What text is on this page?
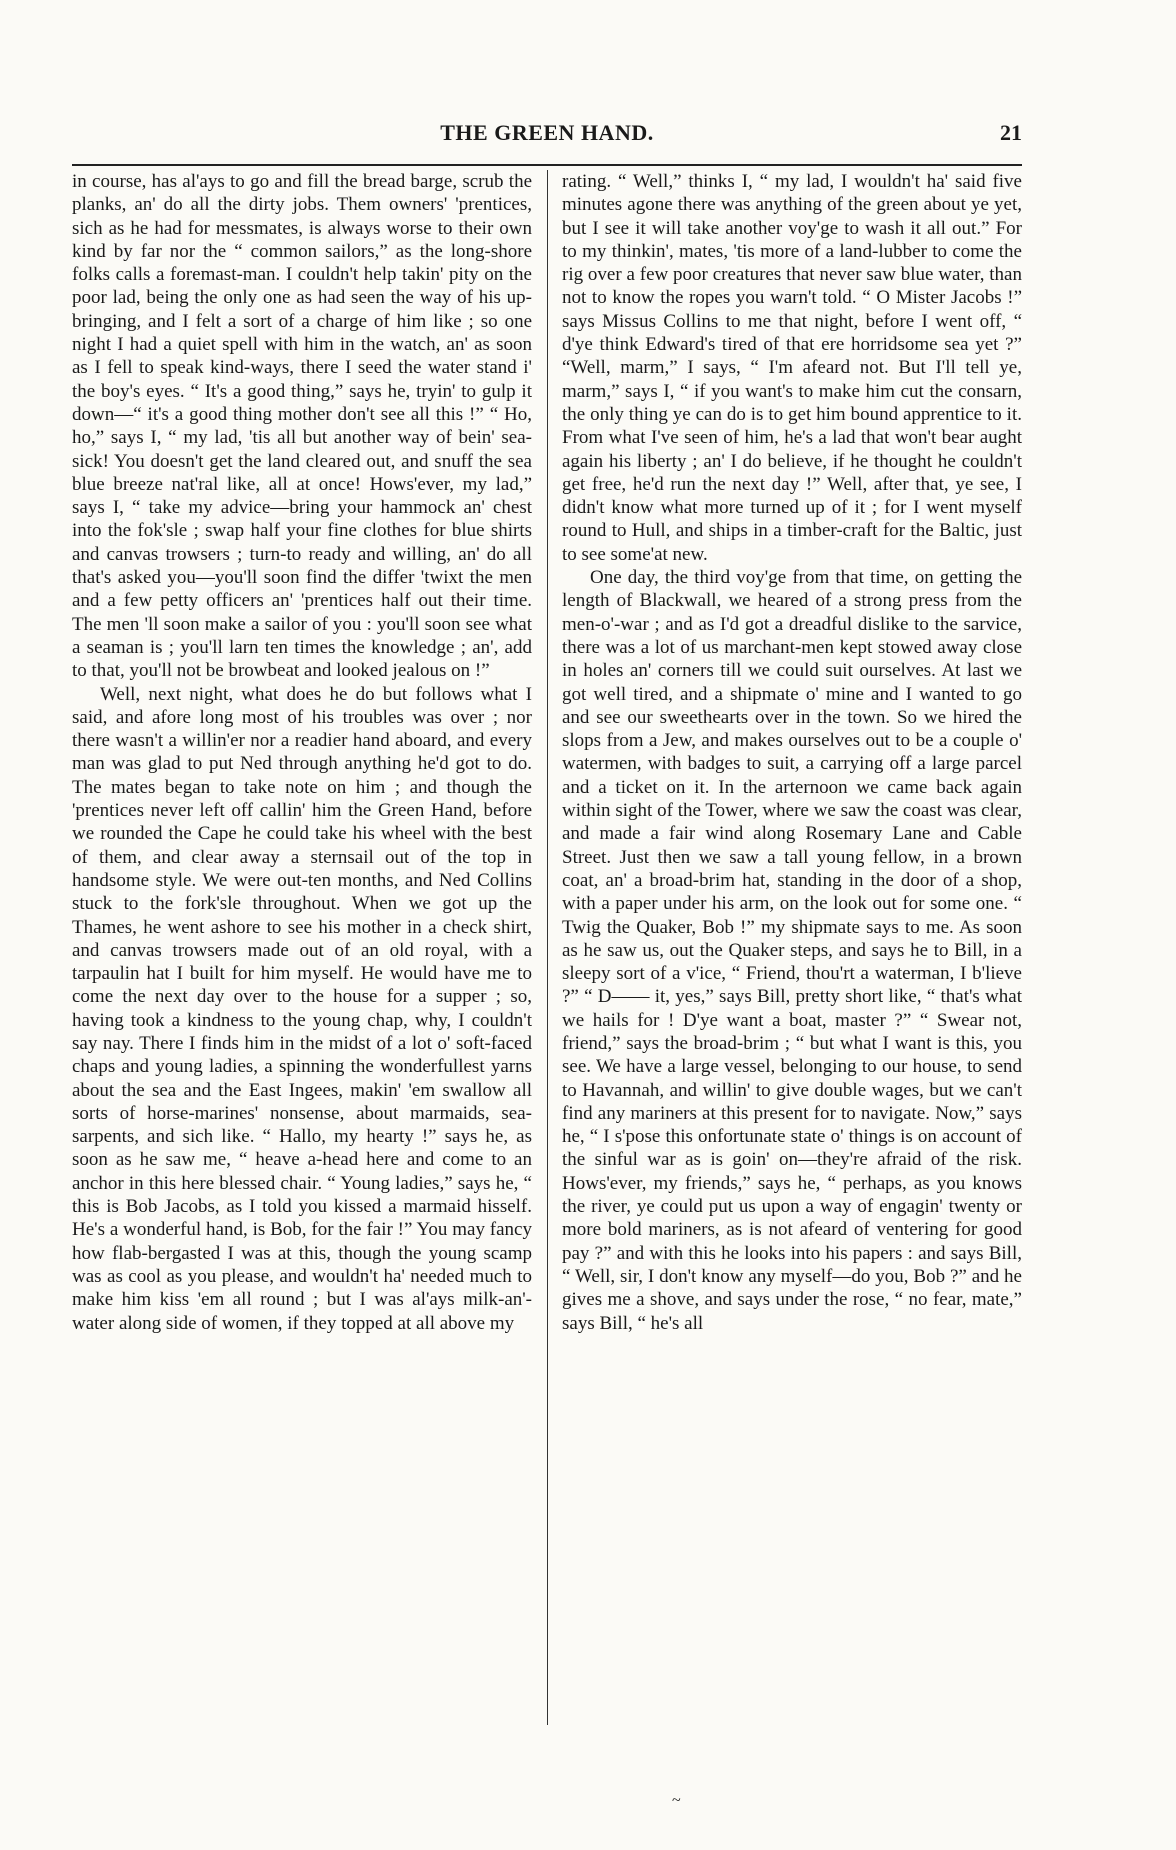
THE GREEN HAND.	21

in course, has al'ays to go and fill the bread barge, scrub the planks, an' do all the dirty jobs. Them owners' 'prentices, sich as he had for messmates, is always worse to their own kind by far nor the “ common sailors,” as the long-shore folks calls a foremast-man. I couldn't help takin' pity on the poor lad, being the only one as had seen the way of his up-bringing, and I felt a sort of a charge of him like ; so one night I had a quiet spell with him in the watch, an' as soon as I fell to speak kind-ways, there I seed the water stand i' the boy's eyes. “ It's a good thing,” says he, tryin' to gulp it down—“ it's a good thing mother don't see all this !” “ Ho, ho,” says I, “ my lad, 'tis all but another way of bein' sea-sick! You doesn't get the land cleared out, and snuff the sea blue breeze nat'ral like, all at once! Hows'ever, my lad,” says I, “ take my advice—bring your hammock an' chest into the fok'sle ; swap half your fine clothes for blue shirts and canvas trowsers ; turn-to ready and willing, an' do all that's asked you—you'll soon find the differ 'twixt the men and a few petty officers an' 'prentices half out their time. The men 'll soon make a sailor of you : you'll soon see what a seaman is ; you'll larn ten times the knowledge ; an', add to that, you'll not be browbeat and looked jealous on !”

Well, next night, what does he do but follows what I said, and afore long most of his troubles was over ; nor there wasn't a willin'er nor a readier hand aboard, and every man was glad to put Ned through anything he'd got to do. The mates began to take note on him ; and though the 'prentices never left off callin' him the Green Hand, before we rounded the Cape he could take his wheel with the best of them, and clear away a sternsail out of the top in handsome style. We were out-ten months, and Ned Collins stuck to the fork'sle throughout. When we got up the Thames, he went ashore to see his mother in a check shirt, and canvas trowsers made out of an old royal, with a tarpaulin hat I built for him myself. He would have me to come the next day over to the house for a supper ; so, having took a kindness to the young chap, why, I couldn't say nay. There I finds him in the midst of a lot o' soft-faced chaps and young ladies, a spinning the wonderfullest yarns about the sea and the East Ingees, makin' 'em swallow all sorts of horse-marines' nonsense, about marmaids, sea-sarpents, and sich like. “ Hallo, my hearty !” says he, as soon as he saw me, “ heave a-head here and come to an anchor in this here blessed chair. “ Young ladies,” says he, “ this is Bob Jacobs, as I told you kissed a marmaid hisself. He's a wonderful hand, is Bob, for the fair !” You may fancy how flab-bergasted I was at this, though the young scamp was as cool as you please, and wouldn't ha' needed much to make him kiss 'em all round ; but I was al'ays milk-an'-water along side of women, if they topped at all above my

rating. “ Well,” thinks I, “ my lad, I wouldn't ha' said five minutes agone there was anything of the green about ye yet, but I see it will take another voy'ge to wash it all out.” For to my thinkin', mates, 'tis more of a land-lubber to come the rig over a few poor creatures that never saw blue water, than not to know the ropes you warn't told. “ O Mister Jacobs !” says Missus Collins to me that night, before I went off, “ d'ye think Edward's tired of that ere horridsome sea yet ?” “Well, marm,” I says, “ I'm afeard not. But I'll tell ye, marm,” says I, “ if you want's to make him cut the consarn, the only thing ye can do is to get him bound apprentice to it. From what I've seen of him, he's a lad that won't bear aught again his liberty ; an' I do believe, if he thought he couldn't get free, he'd run the next day !” Well, after that, ye see, I didn't know what more turned up of it ; for I went myself round to Hull, and ships in a timber-craft for the Baltic, just to see some'at new.

One day, the third voy'ge from that time, on getting the length of Blackwall, we heared of a strong press from the men-o'-war ; and as I'd got a dreadful dislike to the sarvice, there was a lot of us marchant-men kept stowed away close in holes an' corners till we could suit ourselves. At last we got well tired, and a shipmate o' mine and I wanted to go and see our sweethearts over in the town. So we hired the slops from a Jew, and makes ourselves out to be a couple o' watermen, with badges to suit, a carrying off a large parcel and a ticket on it. In the arternoon we came back again within sight of the Tower, where we saw the coast was clear, and made a fair wind along Rosemary Lane and Cable Street. Just then we saw a tall young fellow, in a brown coat, an' a broad-brim hat, standing in the door of a shop, with a paper under his arm, on the look out for some one. “ Twig the Quaker, Bob !” my shipmate says to me. As soon as he saw us, out the Quaker steps, and says he to Bill, in a sleepy sort of a v'ice, “ Friend, thou'rt a waterman, I b'lieve ?” “ D—— it, yes,” says Bill, pretty short like, “ that's what we hails for ! D'ye want a boat, master ?” “ Swear not, friend,” says the broad-brim ; “ but what I want is this, you see. We have a large vessel, belonging to our house, to send to Havannah, and willin' to give double wages, but we can't find any mariners at this present for to navigate. Now,” says he, “ I s'pose this onfortunate state o' things is on account of the sinful war as is goin' on—they're afraid of the risk. Hows'ever, my friends,” says he, “ perhaps, as you knows the river, ye could put us upon a way of engagin' twenty or more bold mariners, as is not afeard of ventering for good pay ?” and with this he looks into his papers : and says Bill, “ Well, sir, I don't know any myself—do you, Bob ?” and he gives me a shove, and says under the rose, “ no fear, mate,” says Bill, “ he's all

~
